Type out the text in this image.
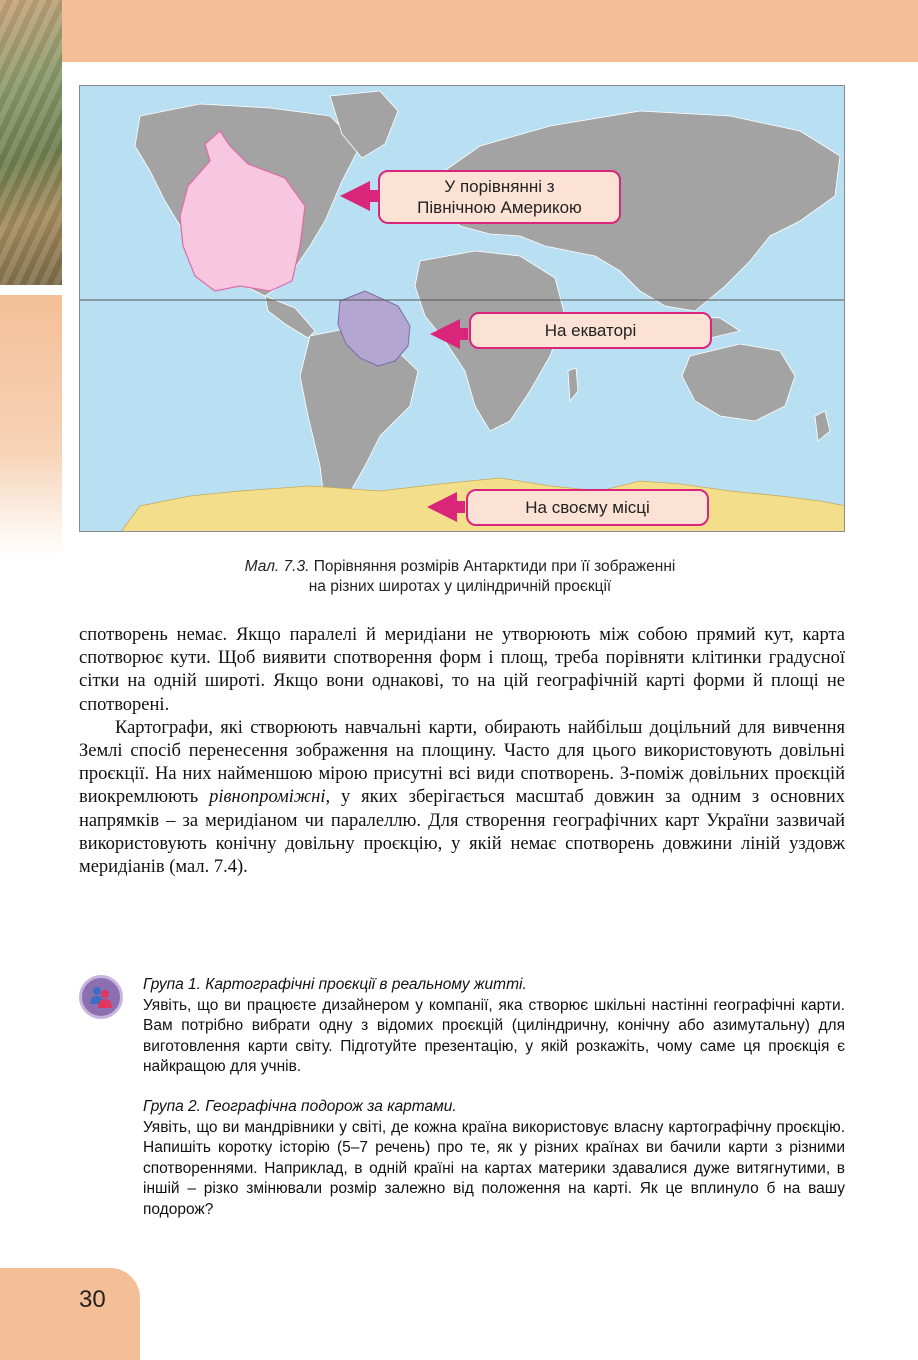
У порівнянні з
Північною Америкою
На екваторі
На своєму місці
Мал. 7.3. Порівняння розмірів Антарктиди при її зображенні
на різних широтах у циліндричній проєкції

спотворень немає. Якщо паралелі й меридіани не утворюють між собою прямий кут, карта спотворює кути. Щоб виявити спотворення форм і площ, треба порівняти клітинки градусної сітки на одній широті. Якщо вони однакові, то на цій географічній карті форми й площі не спотворені.

Картографи, які створюють навчальні карти, обирають найбільш доцільний для вивчення Землі спосіб перенесення зображення на площину. Часто для цього використовують довільні проєкції. На них найменшою мірою присутні всі види спотворень. З-поміж довільних проєкцій виокремлюють рівнопроміжні, у яких зберігається масштаб довжин за одним з основних напрямків – за меридіаном чи паралеллю. Для створення географічних карт України зазвичай використовують конічну довільну проєкцію, у якій немає спотворень довжини ліній уздовж меридіанів (мал. 7.4).

Група 1. Картографічні проєкції в реальному житті.
Уявіть, що ви працюєте дизайнером у компанії, яка створює шкільні настінні географічні карти. Вам потрібно вибрати одну з відомих проєкцій (циліндричну, конічну або азимутальну) для виготовлення карти світу. Підготуйте презентацію, у якій розкажіть, чому саме ця проєкція є найкращою для учнів.
Група 2. Географічна подорож за картами.
Уявіть, що ви мандрівники у світі, де кожна країна використовує власну картографічну проєкцію. Напишіть коротку історію (5–7 речень) про те, як у різних країнах ви бачили карти з різними спотвореннями. Наприклад, в одній країні на картах материки здавалися дуже витягнутими, в іншій – різко змінювали розмір залежно від положення на карті. Як це вплинуло б на вашу подорож?
30
